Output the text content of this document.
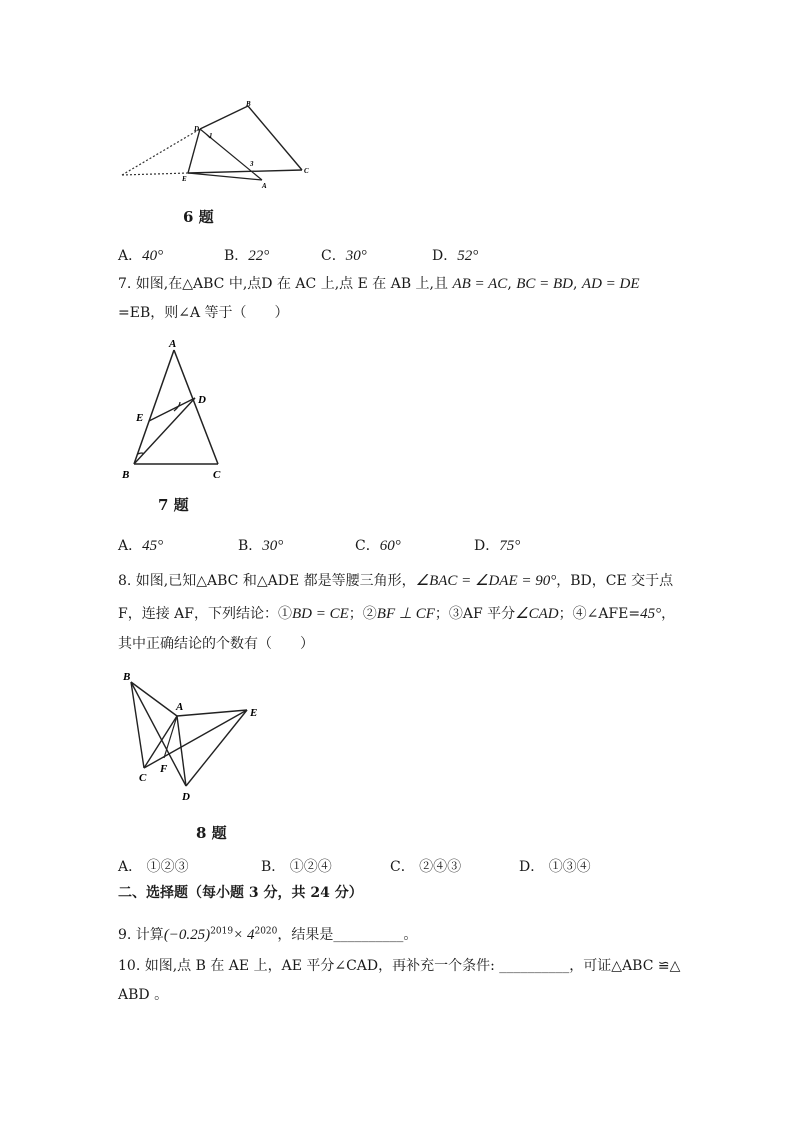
B
D
1
3
C
E
A
6 题
A．40°	B．22°	C．30°	D．52°
7. 如图,在△ABC 中,点D 在 AC 上,点 E 在 AB 上,且 AB = AC, BC = BD, AD = DE
=EB，则∠A 等于（　　）
A
E
D
B	C
7 题
A．45°	B．30°	C．60°	D．75°
8. 如图,已知△ABC 和△ADE 都是等腰三角形，∠BAC = ∠DAE = 90°，BD，CE 交于点
F，连接 AF，下列结论：①BD = CE；②BF ⊥ CF；③AF 平分∠CAD；④∠AFE=45°，
其中正确结论的个数有（　　）
B
A	E
C
F
D
8 题
A． ①②③	B． ①②④	C． ②④③	D． ①③④
二、选择题（每小题 3 分，共 24 分）
9. 计算$(-0.25)^{2019}\times 4^{2020}$，结果是__________。
10. 如图,点 B 在 AE 上，AE 平分∠CAD，再补充一个条件: __________，可证△ABC ≌△
ABD 。
